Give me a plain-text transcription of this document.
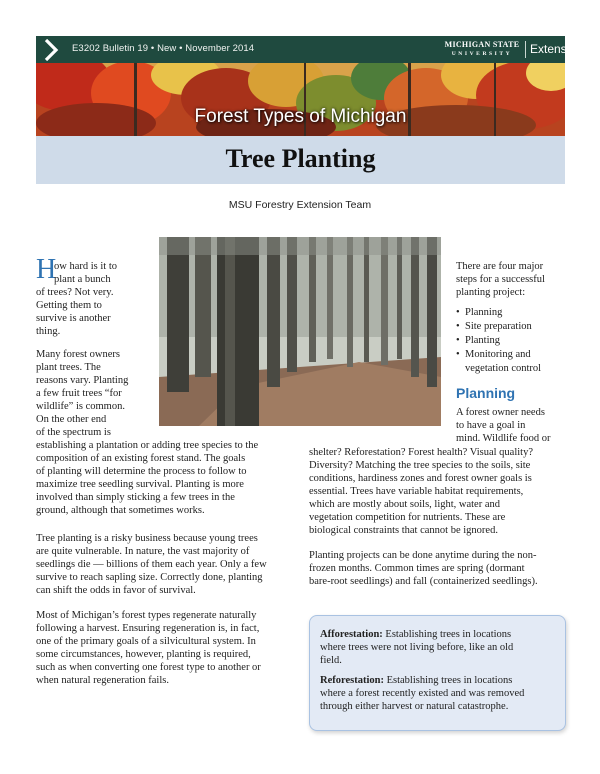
E3202 Bulletin 19 • New • November 2014	MICHIGAN STATE
UNIVERSITY	Extension
Forest Types of Michigan
Tree Planting
MSU Forestry Extension Team
H
ow hard is it to
plant a bunch
of trees? Not very.
Getting them to
survive is another
thing.
Many forest owners
plant trees. The
reasons vary. Planting
a few fruit trees “for
wildlife” is common.
On the other end
of the spectrum is
establishing a plantation or adding tree species to the
composition of an existing forest stand. The goals
of planting will determine the process to follow to
maximize tree seedling survival. Planting is more
involved than simply sticking a few trees in the
ground, although that sometimes works.
Tree planting is a risky business because young trees
are quite vulnerable. In nature, the vast majority of
seedlings die — billions of them each year. Only a few
survive to reach sapling size. Correctly done, planting
can shift the odds in favor of survival.
Most of Michigan’s forest types regenerate naturally
following a harvest. Ensuring regeneration is, in fact,
one of the primary goals of a silvicultural system. In
some circumstances, however, planting is required,
such as when converting one forest type to another or
when natural regeneration fails.
There are four major
steps for a successful
planting project:
• Planning
• Site preparation
• Planting
• Monitoring and
vegetation control
Planning
A forest owner needs
to have a goal in
mind. Wildlife food or
shelter? Reforestation? Forest health? Visual quality?
Diversity? Matching the tree species to the soils, site
conditions, hardiness zones and forest owner goals is
essential. Trees have variable habitat requirements,
which are mostly about soils, light, water and
vegetation competition for nutrients. These are
biological constraints that cannot be ignored.
Planting projects can be done anytime during the non-
frozen months. Common times are spring (dormant
bare-root seedlings) and fall (containerized seedlings).
Afforestation: Establishing trees in locations
where trees were not living before, like an old
field.
Reforestation: Establishing trees in locations
where a forest recently existed and was removed
through either harvest or natural catastrophe.
